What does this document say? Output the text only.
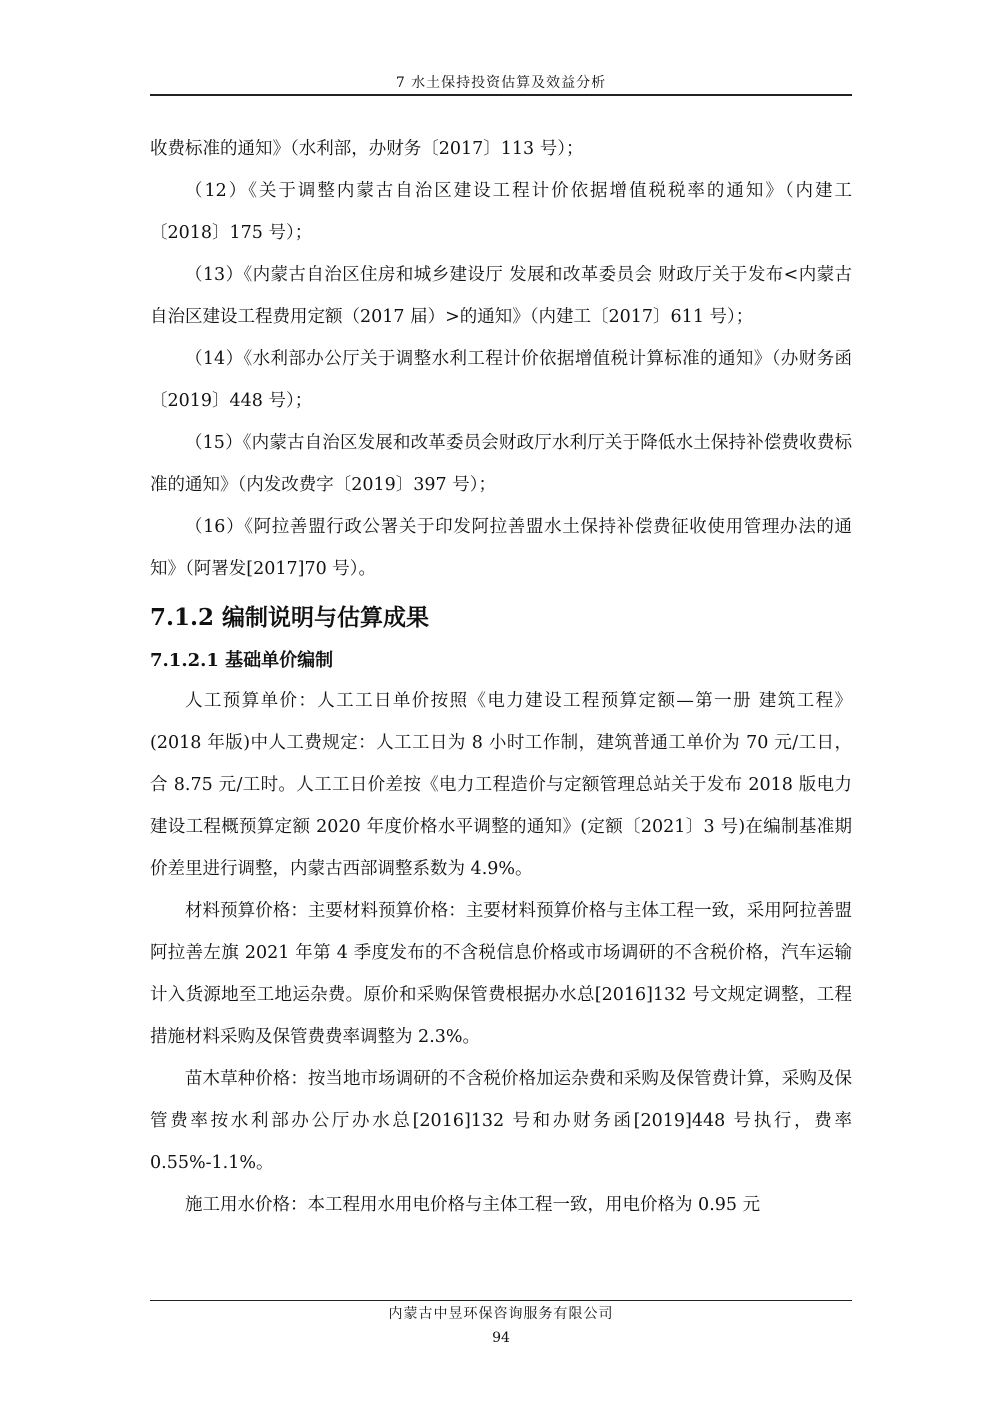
7 水土保持投资估算及效益分析

收费标准的通知》（水利部，办财务〔2017〕113 号）；

（12）《关于调整内蒙古自治区建设工程计价依据增值税税率的通知》（内建工〔2018〕175 号）；

（13）《内蒙古自治区住房和城乡建设厅 发展和改革委员会 财政厅关于发布<内蒙古自治区建设工程费用定额（2017 届）>的通知》（内建工〔2017〕611 号）；

（14）《水利部办公厅关于调整水利工程计价依据增值税计算标准的通知》（办财务函〔2019〕448 号）；

（15）《内蒙古自治区发展和改革委员会财政厅水利厅关于降低水土保持补偿费收费标准的通知》（内发改费字〔2019〕397 号）；

（16）《阿拉善盟行政公署关于印发阿拉善盟水土保持补偿费征收使用管理办法的通知》（阿署发[2017]70 号）。

7.1.2 编制说明与估算成果
7.1.2.1 基础单价编制

人工预算单价：人工工日单价按照《电力建设工程预算定额—第一册 建筑工程》(2018 年版)中人工费规定：人工工日为 8 小时工作制，建筑普通工单价为 70 元/工日，合 8.75 元/工时。人工工日价差按《电力工程造价与定额管理总站关于发布 2018 版电力建设工程概预算定额 2020 年度价格水平调整的通知》(定额〔2021〕3 号)在编制基准期价差里进行调整，内蒙古西部调整系数为 4.9%。

材料预算价格：主要材料预算价格：主要材料预算价格与主体工程一致，采用阿拉善盟阿拉善左旗 2021 年第 4 季度发布的不含税信息价格或市场调研的不含税价格，汽车运输计入货源地至工地运杂费。原价和采购保管费根据办水总[2016]132 号文规定调整，工程措施材料采购及保管费费率调整为 2.3%。

苗木草种价格：按当地市场调研的不含税价格加运杂费和采购及保管费计算，采购及保管费率按水利部办公厅办水总[2016]132 号和办财务函[2019]448 号执行，费率 0.55%-1.1%。

施工用水价格：本工程用水用电价格与主体工程一致，用电价格为 0.95 元

内蒙古中昱环保咨询服务有限公司
94
